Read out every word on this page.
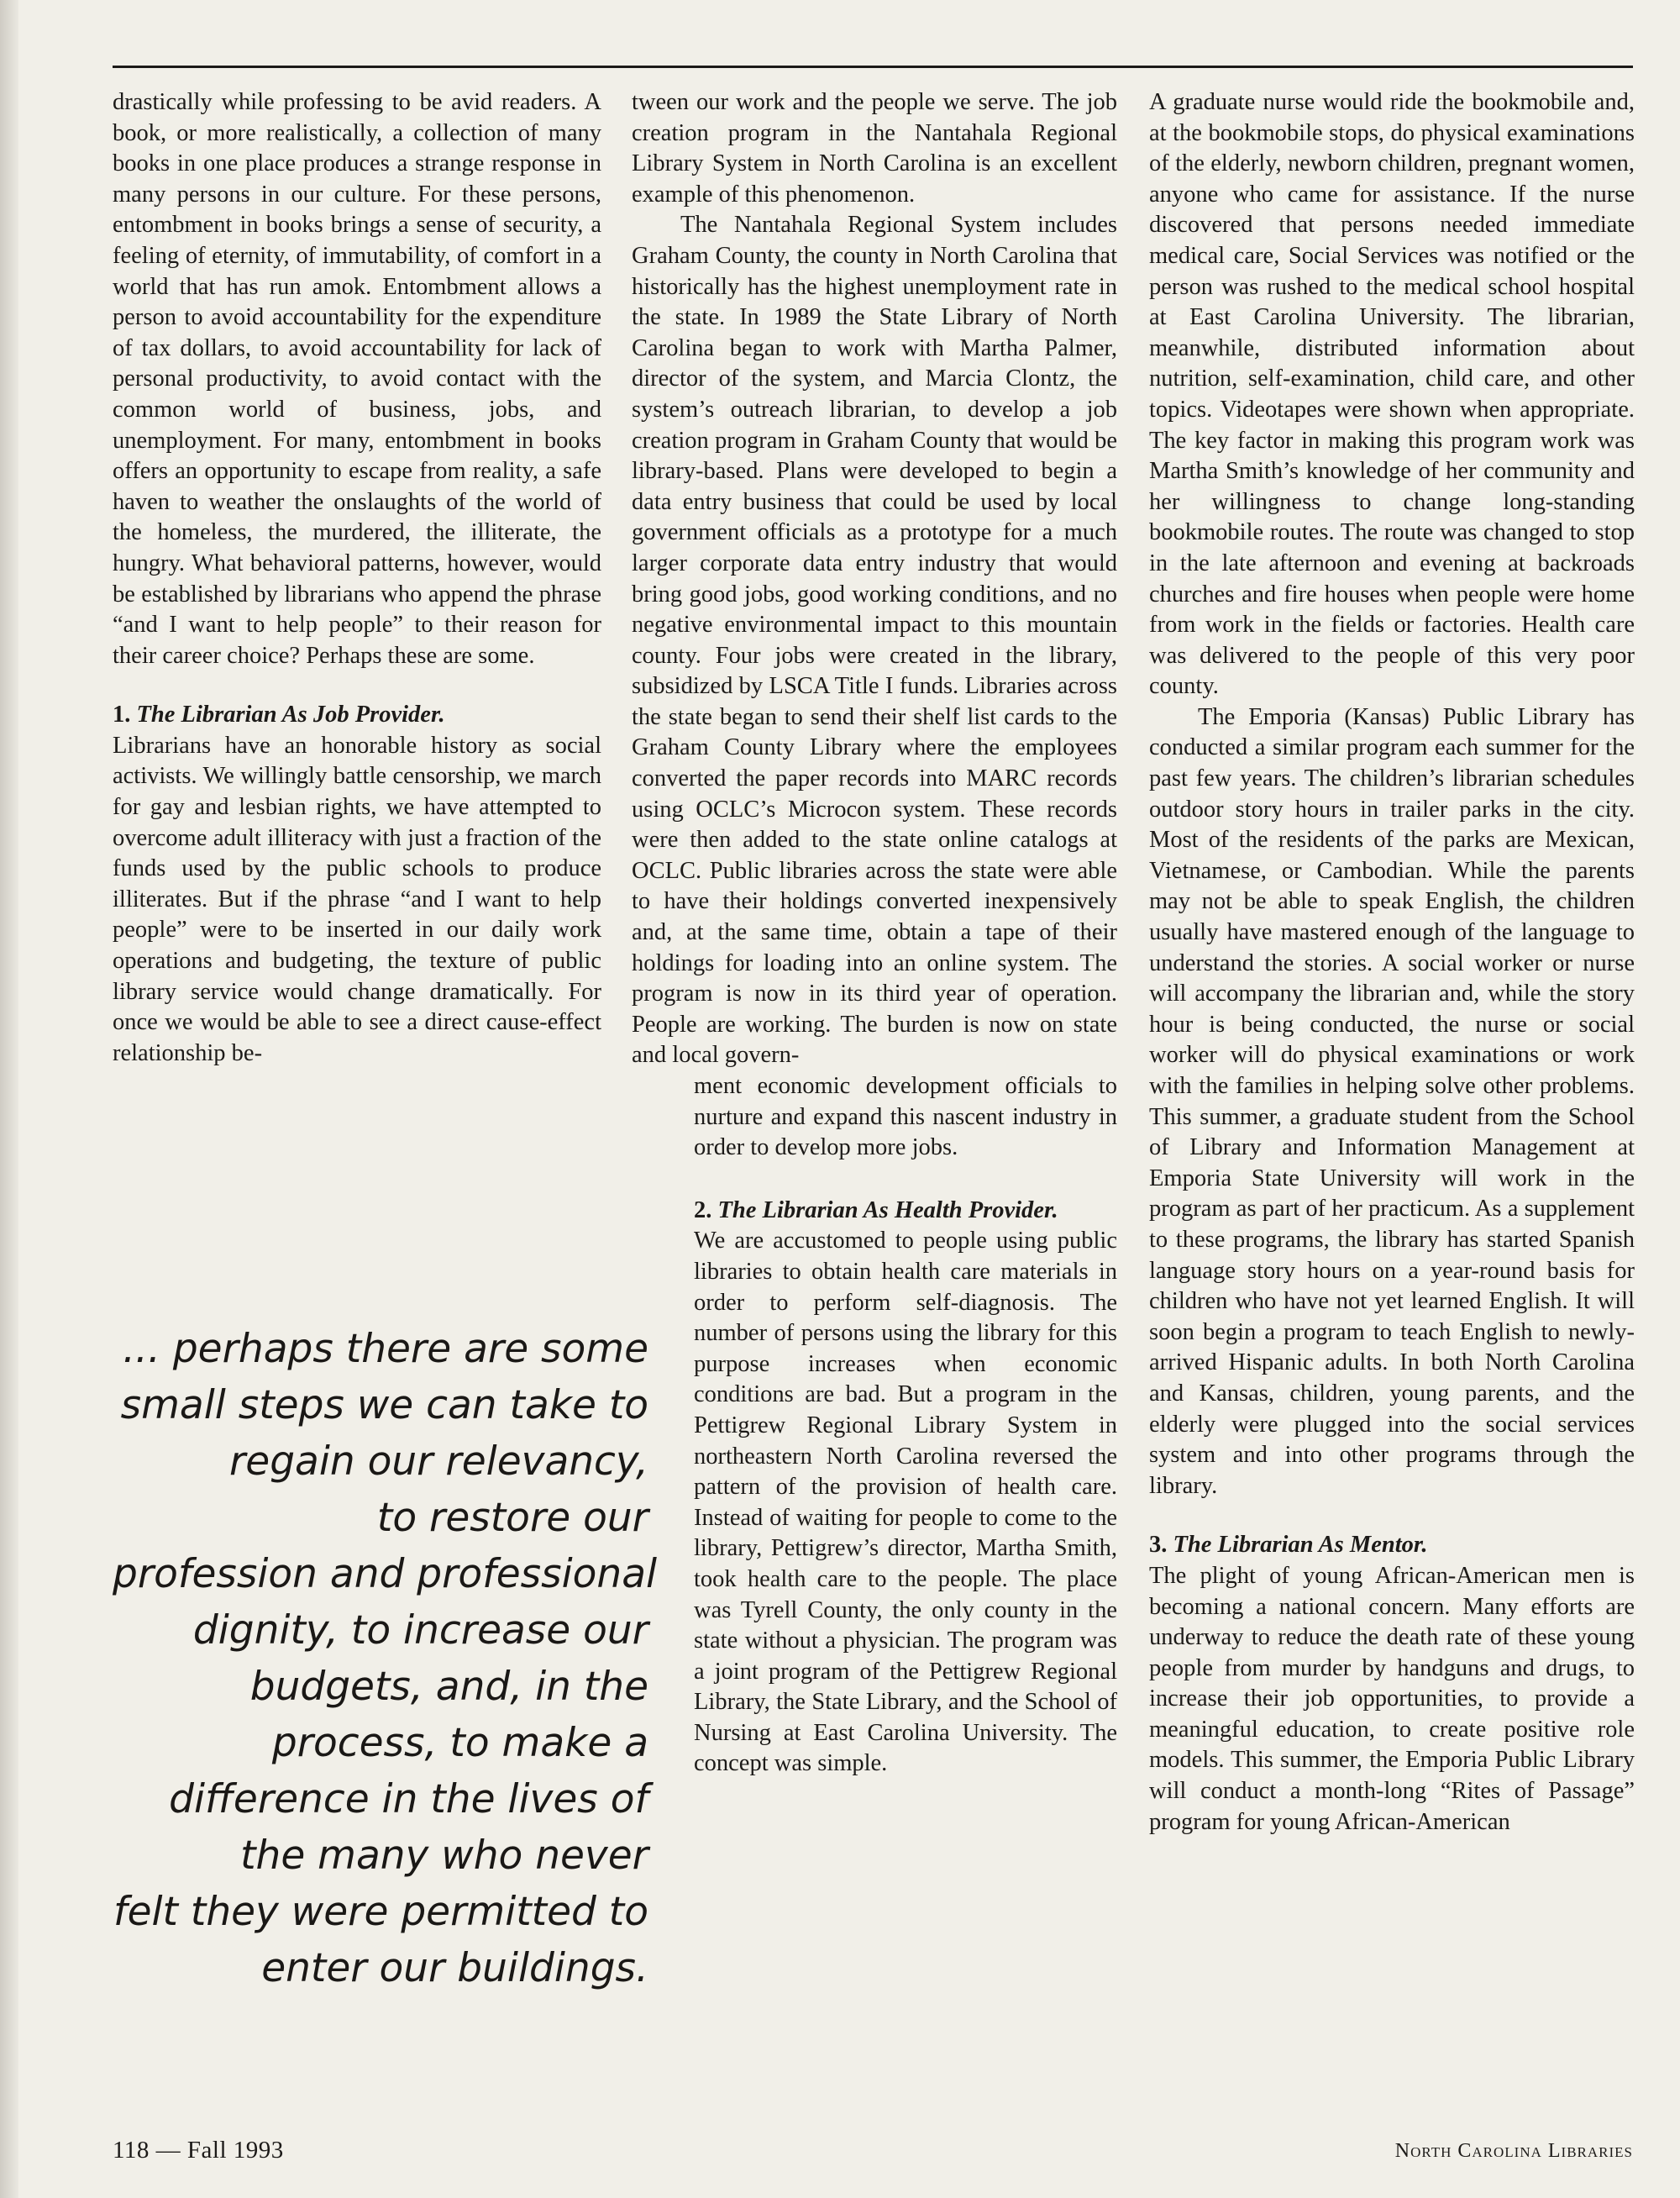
drastically while professing to be avid readers. A book, or more realistically, a collection of many books in one place produces a strange response in many persons in our culture. For these persons, entombment in books brings a sense of security, a feeling of eternity, of immutability, of comfort in a world that has run amok. Entombment allows a person to avoid accountability for the expenditure of tax dollars, to avoid accountability for lack of personal productivity, to avoid contact with the common world of business, jobs, and unemployment. For many, entombment in books offers an opportunity to escape from reality, a safe haven to weather the onslaughts of the world of the homeless, the murdered, the illiterate, the hungry. What behavioral patterns, however, would be established by librarians who append the phrase “and I want to help people” to their reason for their career choice? Perhaps these are some.

1. The Librarian As Job Provider.

Librarians have an honorable history as social activists. We willingly battle censorship, we march for gay and lesbian rights, we have attempted to overcome adult illiteracy with just a fraction of the funds used by the public schools to produce illiterates. But if the phrase “and I want to help people” were to be inserted in our daily work operations and budgeting, the texture of public library service would change dramatically. For once we would be able to see a direct cause-effect relationship be-

... perhaps there are some
small steps we can take to
regain our relevancy,
to restore our
profession and professional
dignity, to increase our
budgets, and, in the
process, to make a
difference in the lives of
the many who never
felt they were permitted to
enter our buildings.

tween our work and the people we serve. The job creation program in the Nantahala Regional Library System in North Carolina is an excellent example of this phenomenon.

The Nantahala Regional System includes Graham County, the county in North Carolina that historically has the highest unemployment rate in the state. In 1989 the State Library of North Carolina began to work with Martha Palmer, director of the system, and Marcia Clontz, the system’s outreach librarian, to develop a job creation program in Graham County that would be library-based. Plans were developed to begin a data entry business that could be used by local government officials as a prototype for a much larger corporate data entry industry that would bring good jobs, good working conditions, and no negative environmental impact to this mountain county. Four jobs were created in the library, subsidized by LSCA Title I funds. Libraries across the state began to send their shelf list cards to the Graham County Library where the employees converted the paper records into MARC records using OCLC’s Microcon system. These records were then added to the state online catalogs at OCLC. Public libraries across the state were able to have their holdings converted inexpensively and, at the same time, obtain a tape of their holdings for loading into an online system. The program is now in its third year of operation. People are working. The burden is now on state and local govern-

ment economic development officials to nurture and expand this nascent industry in order to develop more jobs.

2. The Librarian As Health Provider.

We are accustomed to people using public libraries to obtain health care materials in order to perform self-diagnosis. The number of persons using the library for this purpose increases when economic conditions are bad. But a program in the Pettigrew Regional Library System in northeastern North Carolina reversed the pattern of the provision of health care. Instead of waiting for people to come to the library, Pettigrew’s director, Martha Smith, took health care to the people. The place was Tyrell County, the only county in the state without a physician. The program was a joint program of the Pettigrew Regional Library, the State Library, and the School of Nursing at East Carolina University. The concept was simple.

A graduate nurse would ride the bookmobile and, at the bookmobile stops, do physical examinations of the elderly, newborn children, pregnant women, anyone who came for assistance. If the nurse discovered that persons needed immediate medical care, Social Services was notified or the person was rushed to the medical school hospital at East Carolina University. The librarian, meanwhile, distributed information about nutrition, self-examination, child care, and other topics. Videotapes were shown when appropriate. The key factor in making this program work was Martha Smith’s knowledge of her community and her willingness to change long-standing bookmobile routes. The route was changed to stop in the late afternoon and evening at backroads churches and fire houses when people were home from work in the fields or factories. Health care was delivered to the people of this very poor county.

The Emporia (Kansas) Public Library has conducted a similar program each summer for the past few years. The children’s librarian schedules outdoor story hours in trailer parks in the city. Most of the residents of the parks are Mexican, Vietnamese, or Cambodian. While the parents may not be able to speak English, the children usually have mastered enough of the language to understand the stories. A social worker or nurse will accompany the librarian and, while the story hour is being conducted, the nurse or social worker will do physical examinations or work with the families in helping solve other problems. This summer, a graduate student from the School of Library and Information Management at Emporia State University will work in the program as part of her practicum. As a supplement to these programs, the library has started Spanish language story hours on a year-round basis for children who have not yet learned English. It will soon begin a program to teach English to newly-arrived Hispanic adults. In both North Carolina and Kansas, children, young parents, and the elderly were plugged into the social services system and into other programs through the library.

3. The Librarian As Mentor.

The plight of young African-American men is becoming a national concern. Many efforts are underway to reduce the death rate of these young people from murder by handguns and drugs, to increase their job opportunities, to provide a meaningful education, to create positive role models. This summer, the Emporia Public Library will conduct a month-long “Rites of Passage” program for young African-American

118 — Fall 1993	North Carolina Libraries
